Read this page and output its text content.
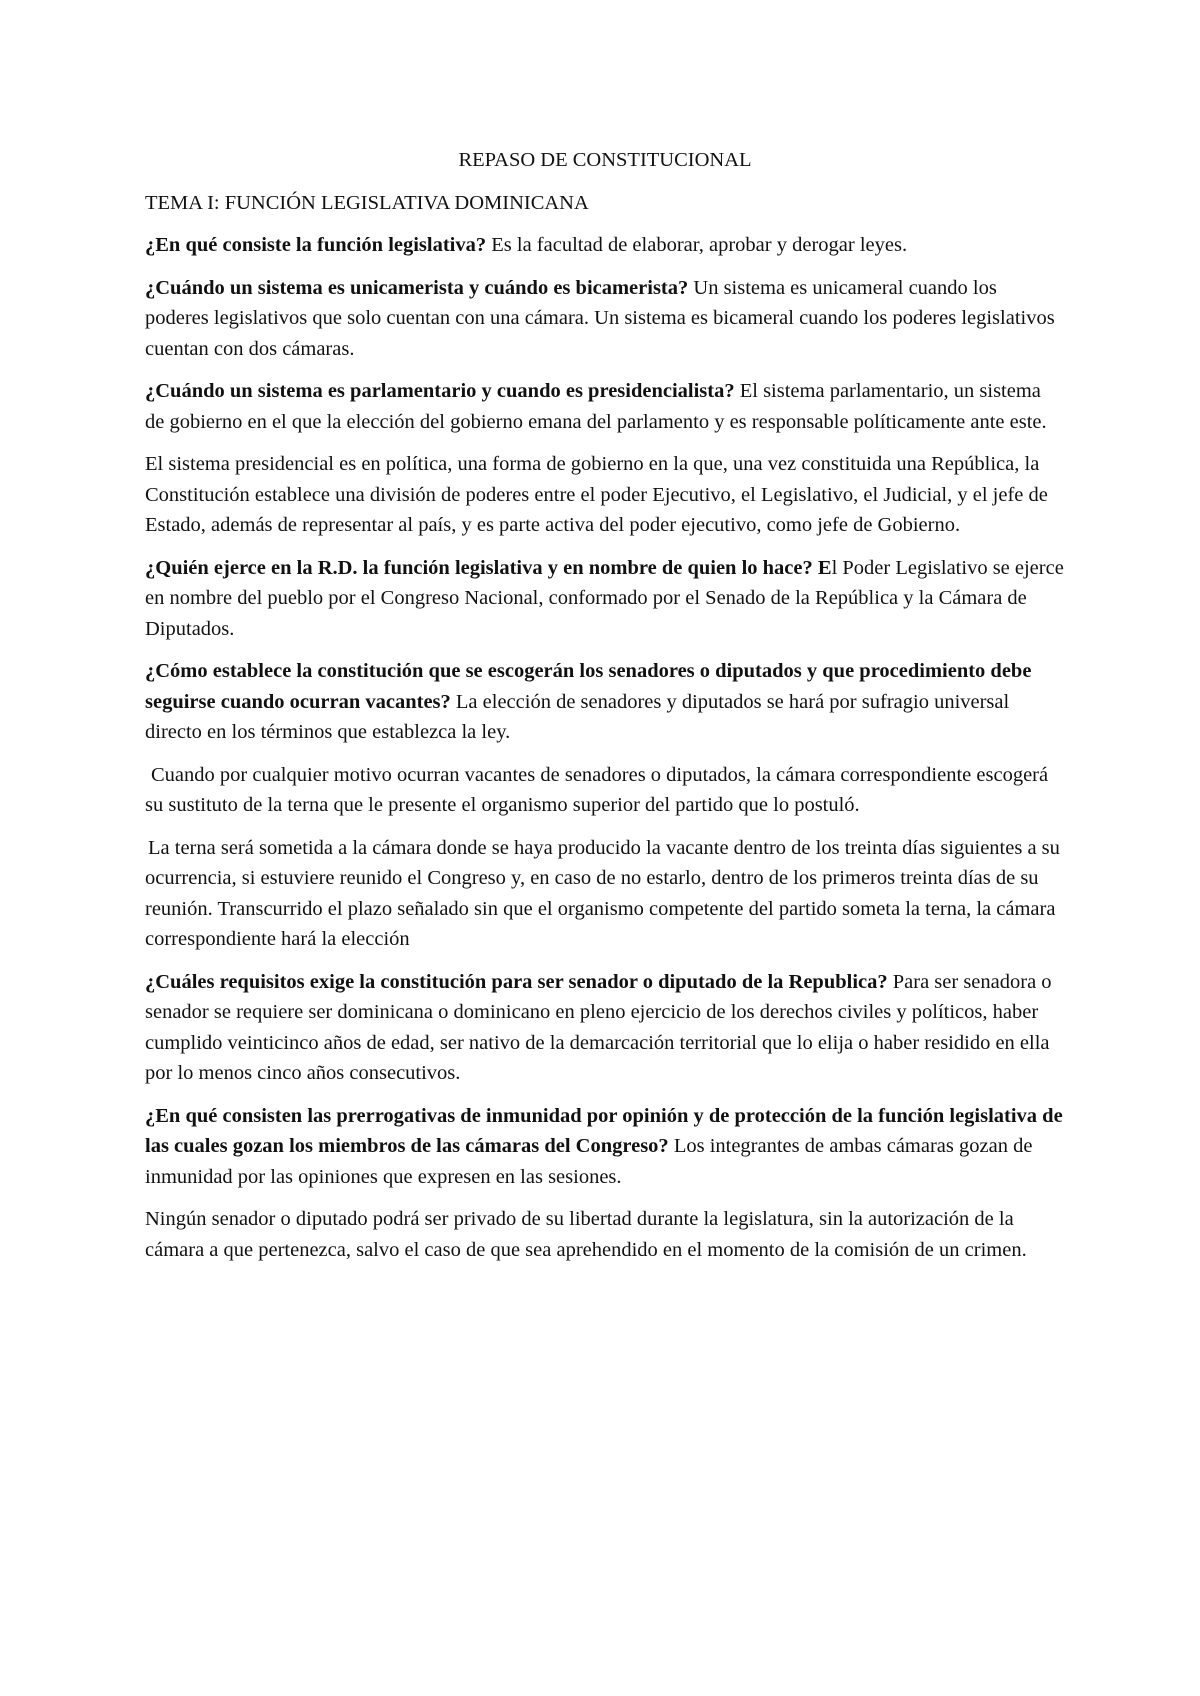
REPASO DE CONSTITUCIONAL

TEMA I: FUNCIÓN LEGISLATIVA DOMINICANA

¿En qué consiste la función legislativa? Es la facultad de elaborar, aprobar y derogar leyes.

¿Cuándo un sistema es unicamerista y cuándo es bicamerista? Un sistema es unicameral cuando los poderes legislativos que solo cuentan con una cámara. Un sistema es bicameral cuando los poderes legislativos cuentan con dos cámaras.

¿Cuándo un sistema es parlamentario y cuando es presidencialista? El sistema parlamentario, un sistema de gobierno en el que la elección del gobierno emana del parlamento y es responsable políticamente ante este.

El sistema presidencial es en política, una forma de gobierno en la que, una vez constituida una República, la Constitución establece una división de poderes entre el poder Ejecutivo, el Legislativo, el Judicial, y el jefe de Estado, además de representar al país, y es parte activa del poder ejecutivo, como jefe de Gobierno.

¿Quién ejerce en la R.D. la función legislativa y en nombre de quien lo hace? El Poder Legislativo se ejerce en nombre del pueblo por el Congreso Nacional, conformado por el Senado de la República y la Cámara de Diputados.

¿Cómo establece la constitución que se escogerán los senadores o diputados y que procedimiento debe seguirse cuando ocurran vacantes? La elección de senadores y diputados se hará por sufragio universal directo en los términos que establezca la ley.

Cuando por cualquier motivo ocurran vacantes de senadores o diputados, la cámara correspondiente escogerá su sustituto de la terna que le presente el organismo superior del partido que lo postuló.

La terna será sometida a la cámara donde se haya producido la vacante dentro de los treinta días siguientes a su ocurrencia, si estuviere reunido el Congreso y, en caso de no estarlo, dentro de los primeros treinta días de su reunión. Transcurrido el plazo señalado sin que el organismo competente del partido someta la terna, la cámara correspondiente hará la elección

¿Cuáles requisitos exige la constitución para ser senador o diputado de la Republica? Para ser senadora o senador se requiere ser dominicana o dominicano en pleno ejercicio de los derechos civiles y políticos, haber cumplido veinticinco años de edad, ser nativo de la demarcación territorial que lo elija o haber residido en ella por lo menos cinco años consecutivos.

¿En qué consisten las prerrogativas de inmunidad por opinión y de protección de la función legislativa de las cuales gozan los miembros de las cámaras del Congreso? Los integrantes de ambas cámaras gozan de inmunidad por las opiniones que expresen en las sesiones.

Ningún senador o diputado podrá ser privado de su libertad durante la legislatura, sin la autorización de la cámara a que pertenezca, salvo el caso de que sea aprehendido en el momento de la comisión de un crimen.
